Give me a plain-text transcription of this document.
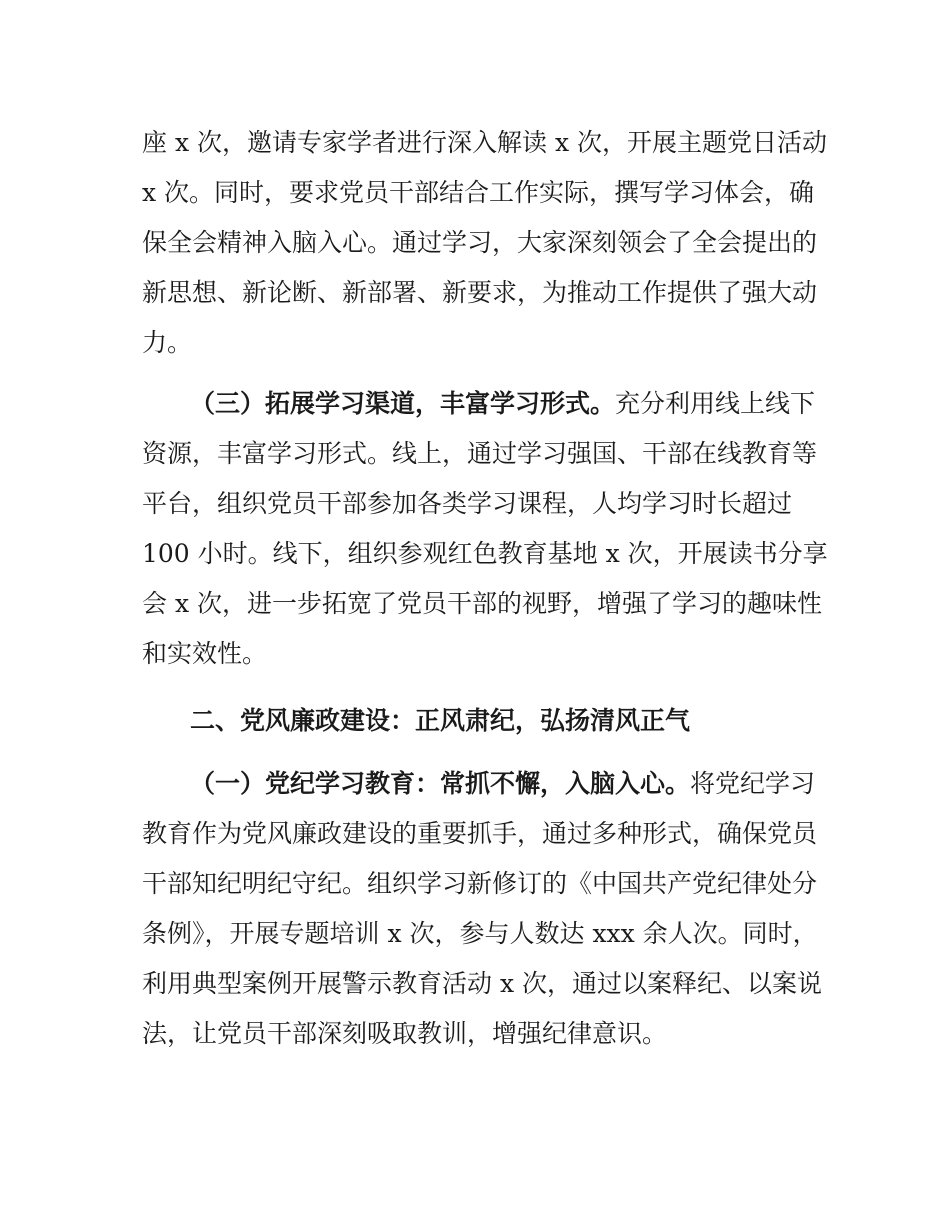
座 x 次，邀请专家学者进行深入解读 x 次，开展主题党日活动
x 次。同时，要求党员干部结合工作实际，撰写学习体会，确
保全会精神入脑入心。通过学习，大家深刻领会了全会提出的
新思想、新论断、新部署、新要求，为推动工作提供了强大动
力。
（三）拓展学习渠道，丰富学习形式。充分利用线上线下
资源，丰富学习形式。线上，通过学习强国、干部在线教育等
平台，组织党员干部参加各类学习课程，人均学习时长超过
100 小时。线下，组织参观红色教育基地 x 次，开展读书分享
会 x 次，进一步拓宽了党员干部的视野，增强了学习的趣味性
和实效性。
二、党风廉政建设：正风肃纪，弘扬清风正气
（一）党纪学习教育：常抓不懈，入脑入心。将党纪学习
教育作为党风廉政建设的重要抓手，通过多种形式，确保党员
干部知纪明纪守纪。组织学习新修订的《中国共产党纪律处分
条例》，开展专题培训 x 次，参与人数达 xxx 余人次。同时，
利用典型案例开展警示教育活动 x 次，通过以案释纪、以案说
法，让党员干部深刻吸取教训，增强纪律意识。
